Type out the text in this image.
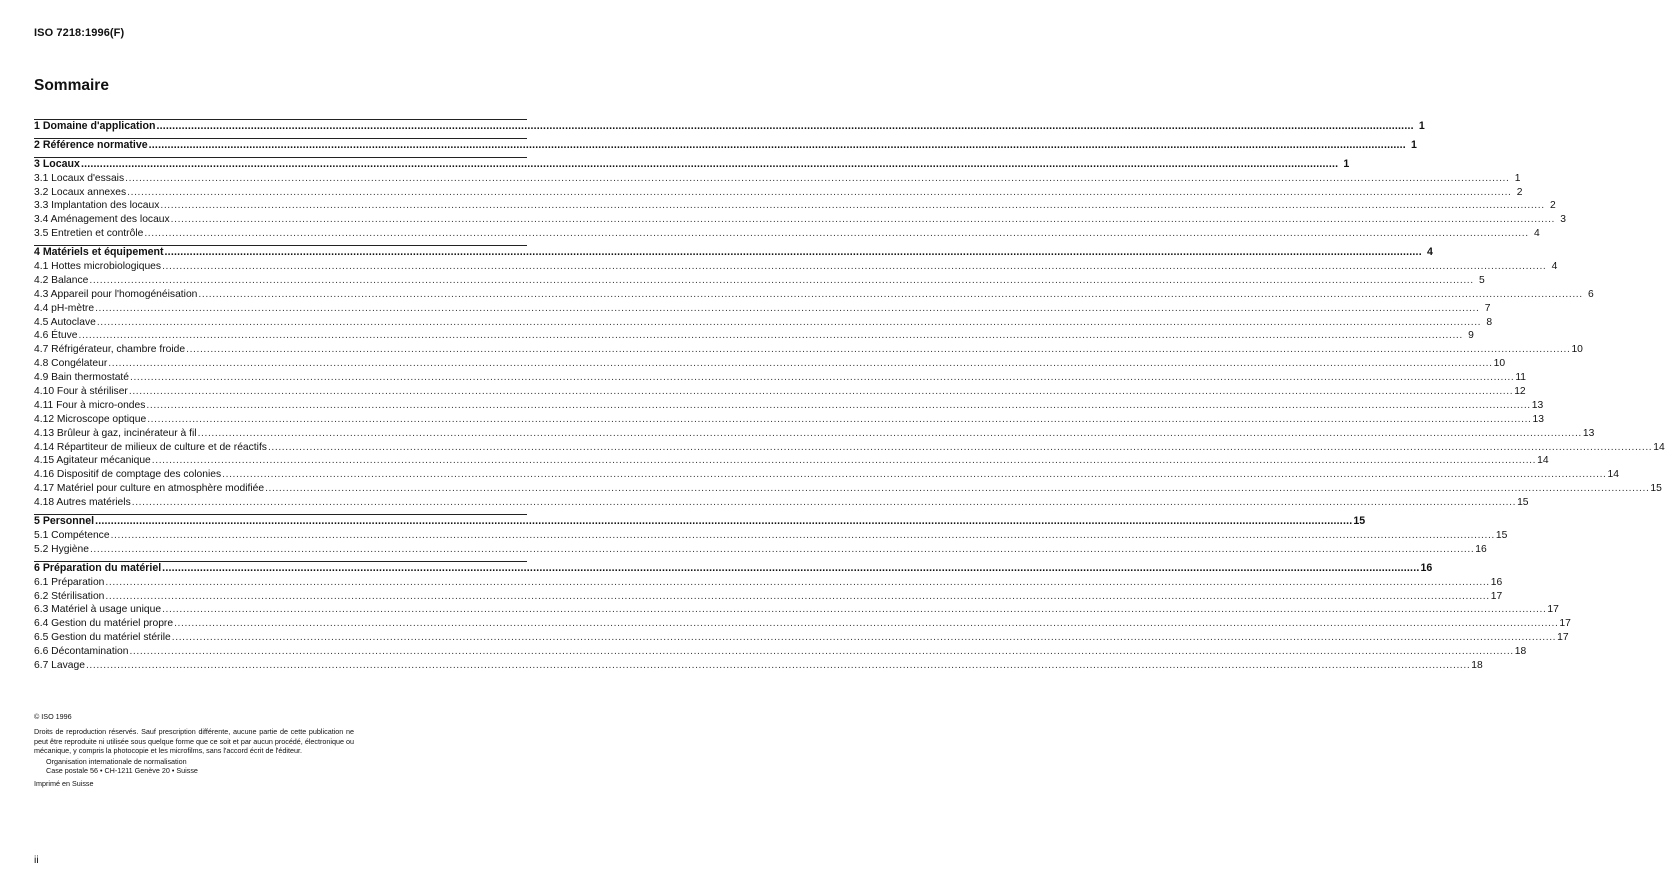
ISO 7218:1996(F)
Sommaire
1 Domaine d'application ................................................................................................................................................................................................................................................................................................................................................................................................................ 1
2 Référence normative ................................................................................................................................................................................................................................................................................................................................................................................................................ 1
3 Locaux ................................................................................................................................................................................................................................................................................................................................................................................................................ 1
3.1 Locaux d'essais ................................................................................................................................................................................................................................................................................................................................................................................................................ 1
3.2 Locaux annexes ................................................................................................................................................................................................................................................................................................................................................................................................................ 2
3.3 Implantation des locaux ................................................................................................................................................................................................................................................................................................................................................................................................................ 2
3.4 Aménagement des locaux ................................................................................................................................................................................................................................................................................................................................................................................................................ 3
3.5 Entretien et contrôle ................................................................................................................................................................................................................................................................................................................................................................................................................ 4
4 Matériels et équipement ................................................................................................................................................................................................................................................................................................................................................................................................................ 4
4.1 Hottes microbiologiques ................................................................................................................................................................................................................................................................................................................................................................................................................ 4
4.2 Balance ................................................................................................................................................................................................................................................................................................................................................................................................................ 5
4.3 Appareil pour l'homogénéisation ................................................................................................................................................................................................................................................................................................................................................................................................................ 6
4.4 pH-mètre ................................................................................................................................................................................................................................................................................................................................................................................................................ 7
4.5 Autoclave ................................................................................................................................................................................................................................................................................................................................................................................................................ 8
4.6 Étuve ................................................................................................................................................................................................................................................................................................................................................................................................................ 9
4.7 Réfrigérateur, chambre froide ................................................................................................................................................................................................................................................................................................................................................................................................................ 10
4.8 Congélateur ................................................................................................................................................................................................................................................................................................................................................................................................................ 10
4.9 Bain thermostaté ................................................................................................................................................................................................................................................................................................................................................................................................................ 11
4.10 Four à stériliser ................................................................................................................................................................................................................................................................................................................................................................................................................ 12
4.11 Four à micro-ondes ................................................................................................................................................................................................................................................................................................................................................................................................................ 13
4.12 Microscope optique ................................................................................................................................................................................................................................................................................................................................................................................................................ 13
4.13 Brûleur à gaz, incinérateur à fil ................................................................................................................................................................................................................................................................................................................................................................................................................ 13
4.14 Répartiteur de milieux de culture et de réactifs ................................................................................................................................................................................................................................................................................................................................................................................................................ 14
4.15 Agitateur mécanique ................................................................................................................................................................................................................................................................................................................................................................................................................ 14
4.16 Dispositif de comptage des colonies ................................................................................................................................................................................................................................................................................................................................................................................................................ 14
4.17 Matériel pour culture en atmosphère modifiée ................................................................................................................................................................................................................................................................................................................................................................................................................ 15
4.18 Autres matériels ................................................................................................................................................................................................................................................................................................................................................................................................................ 15
5 Personnel ................................................................................................................................................................................................................................................................................................................................................................................................................ 15
5.1 Compétence ................................................................................................................................................................................................................................................................................................................................................................................................................ 15
5.2 Hygiène ................................................................................................................................................................................................................................................................................................................................................................................................................ 16
6 Préparation du matériel ................................................................................................................................................................................................................................................................................................................................................................................................................ 16
6.1 Préparation ................................................................................................................................................................................................................................................................................................................................................................................................................ 16
6.2 Stérilisation ................................................................................................................................................................................................................................................................................................................................................................................................................ 17
6.3 Matériel à usage unique ................................................................................................................................................................................................................................................................................................................................................................................................................ 17
6.4 Gestion du matériel propre ................................................................................................................................................................................................................................................................................................................................................................................................................ 17
6.5 Gestion du matériel stérile ................................................................................................................................................................................................................................................................................................................................................................................................................ 17
6.6 Décontamination ................................................................................................................................................................................................................................................................................................................................................................................................................ 18
6.7 Lavage ................................................................................................................................................................................................................................................................................................................................................................................................................ 18
© ISO 1996
Droits de reproduction réservés. Sauf prescription différente, aucune partie de cette publication ne peut être reproduite ni utilisée sous quelque forme que ce soit et par aucun procédé, électronique ou mécanique, y compris la photocopie et les microfilms, sans l'accord écrit de l'éditeur.
Organisation internationale de normalisation
Case postale 56 • CH-1211 Genève 20 • Suisse
Imprimé en Suisse
ii
